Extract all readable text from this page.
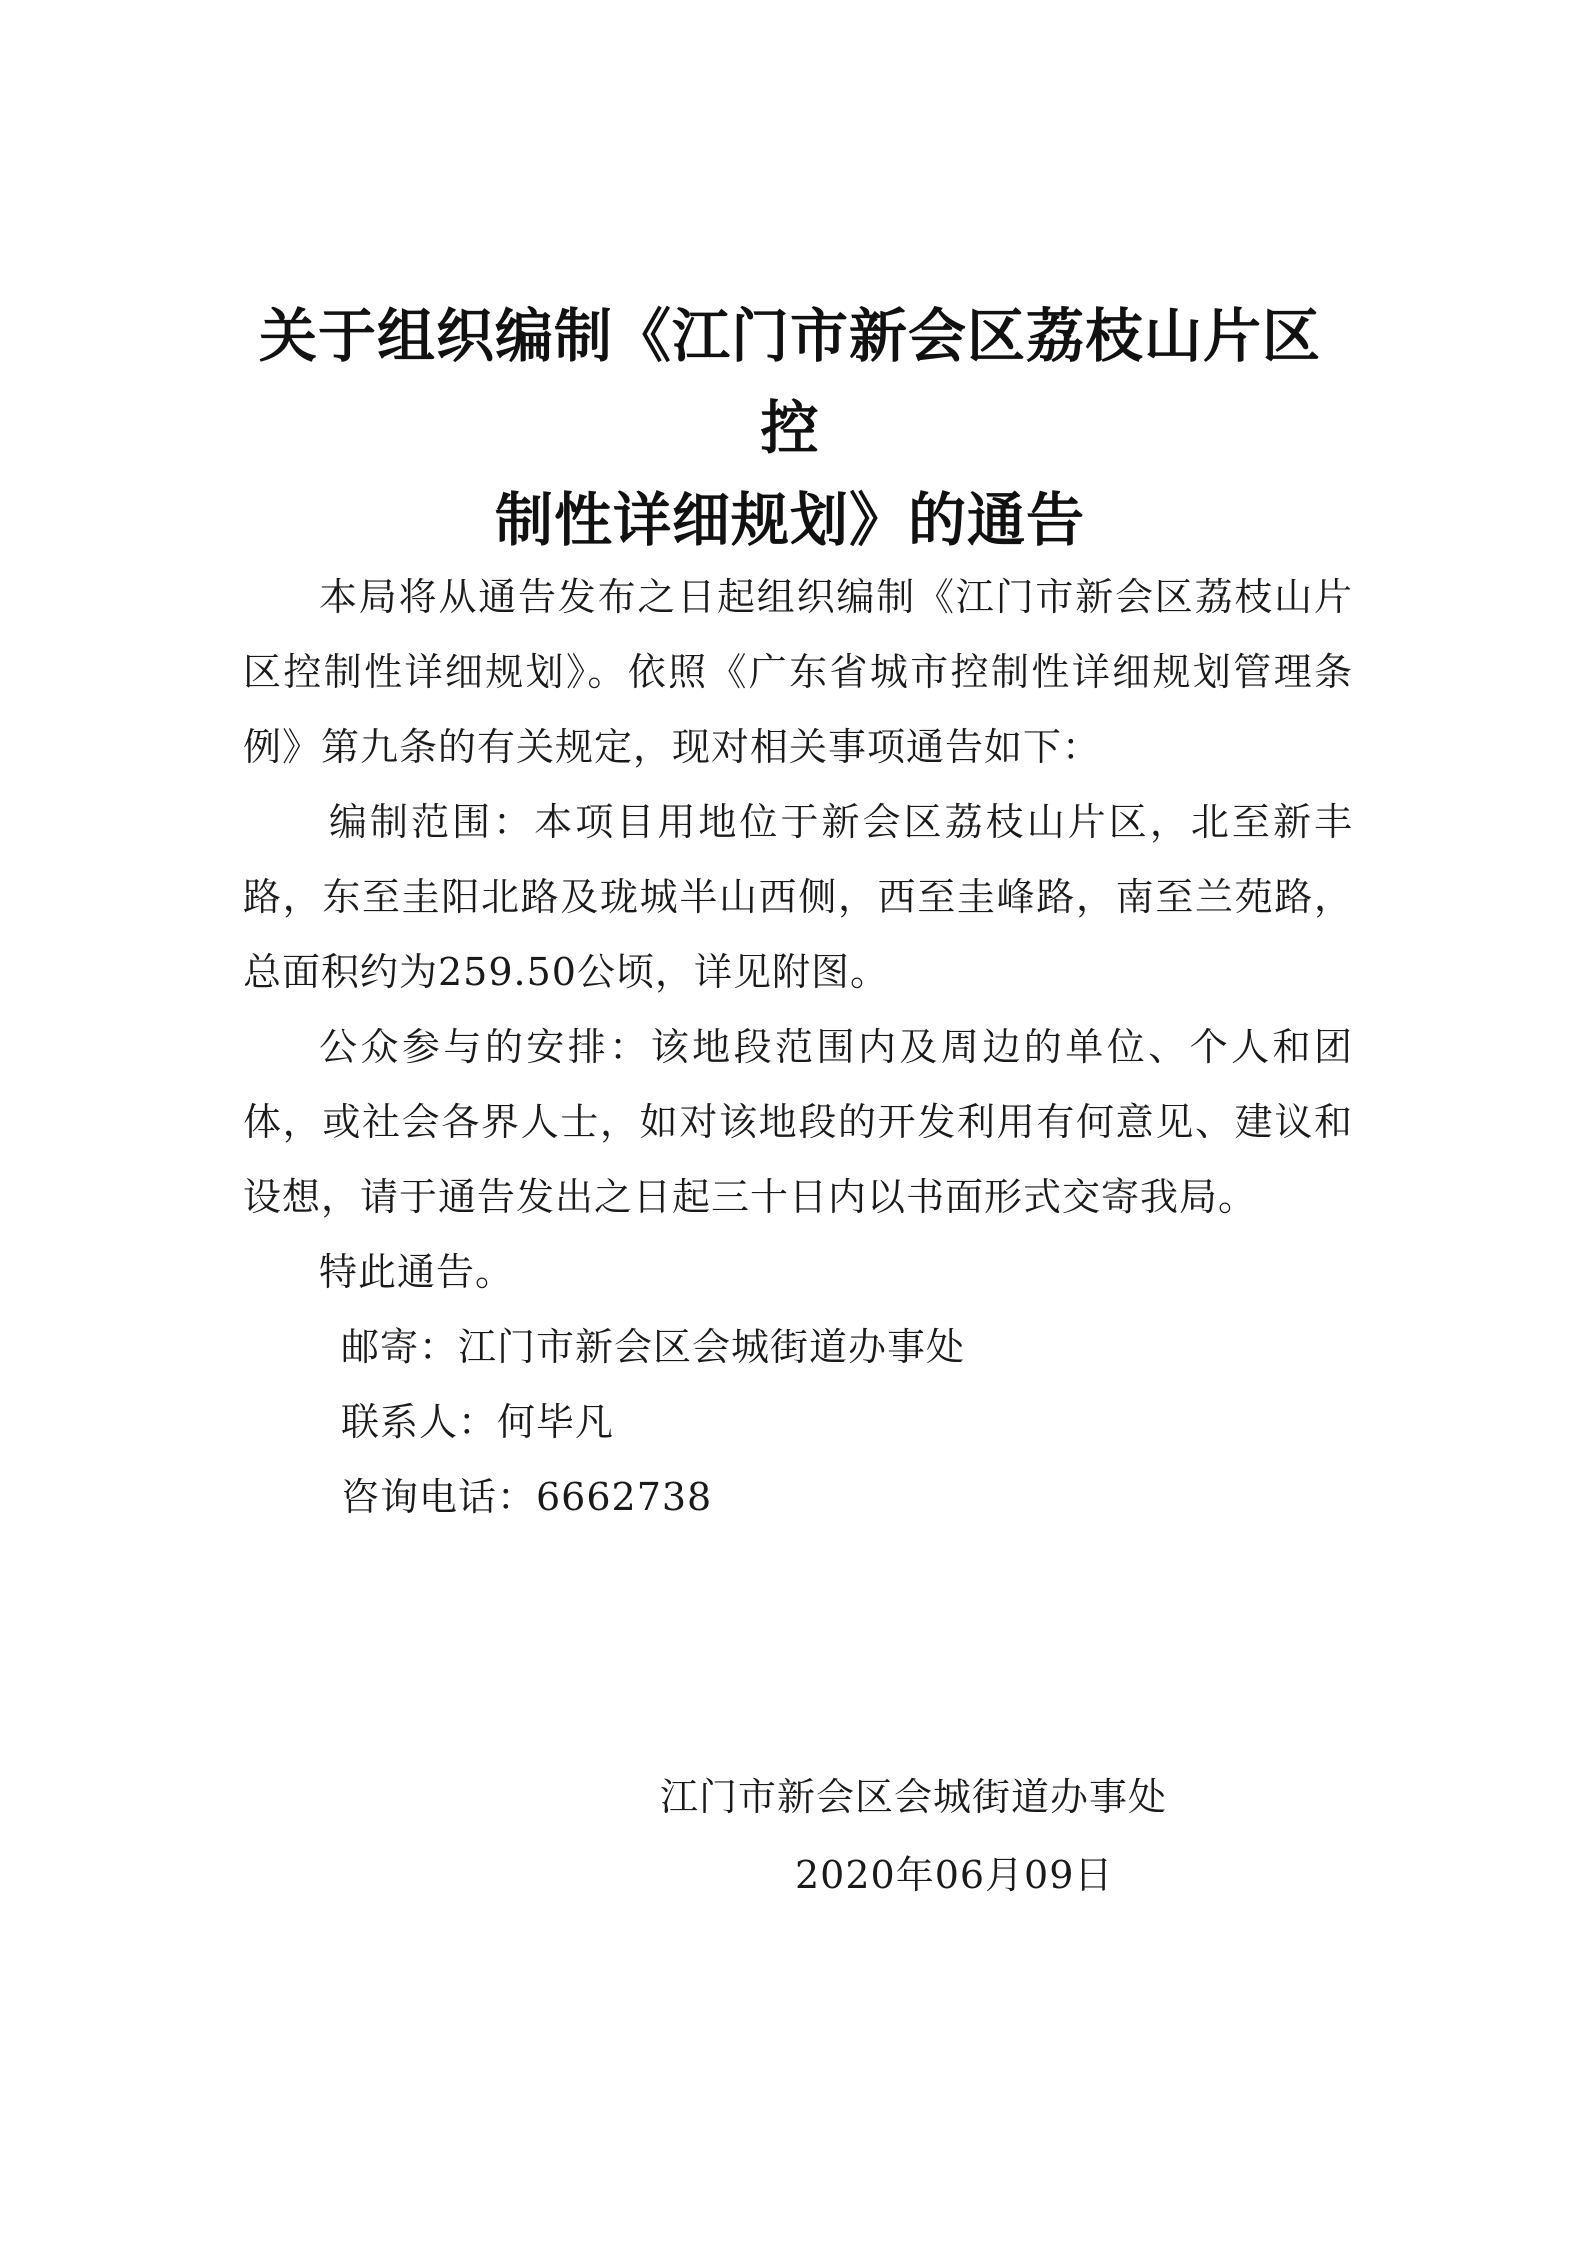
关于组织编制《江门市新会区荔枝山片区控
制性详细规划》的通告

本局将从通告发布之日起组织编制《江门市新会区荔枝山片区控制性详细规划》。依照《广东省城市控制性详细规划管理条例》第九条的有关规定，现对相关事项通告如下：

编制范围：本项目用地位于新会区荔枝山片区，北至新丰路，东至圭阳北路及珑城半山西侧，西至圭峰路，南至兰苑路，总面积约为259.50公顷，详见附图。

公众参与的安排：该地段范围内及周边的单位、个人和团体，或社会各界人士，如对该地段的开发利用有何意见、建议和设想，请于通告发出之日起三十日内以书面形式交寄我局。

特此通告。

邮寄：江门市新会区会城街道办事处

联系人：何毕凡

咨询电话：6662738

江门市新会区会城街道办事处
2020年06月09日
